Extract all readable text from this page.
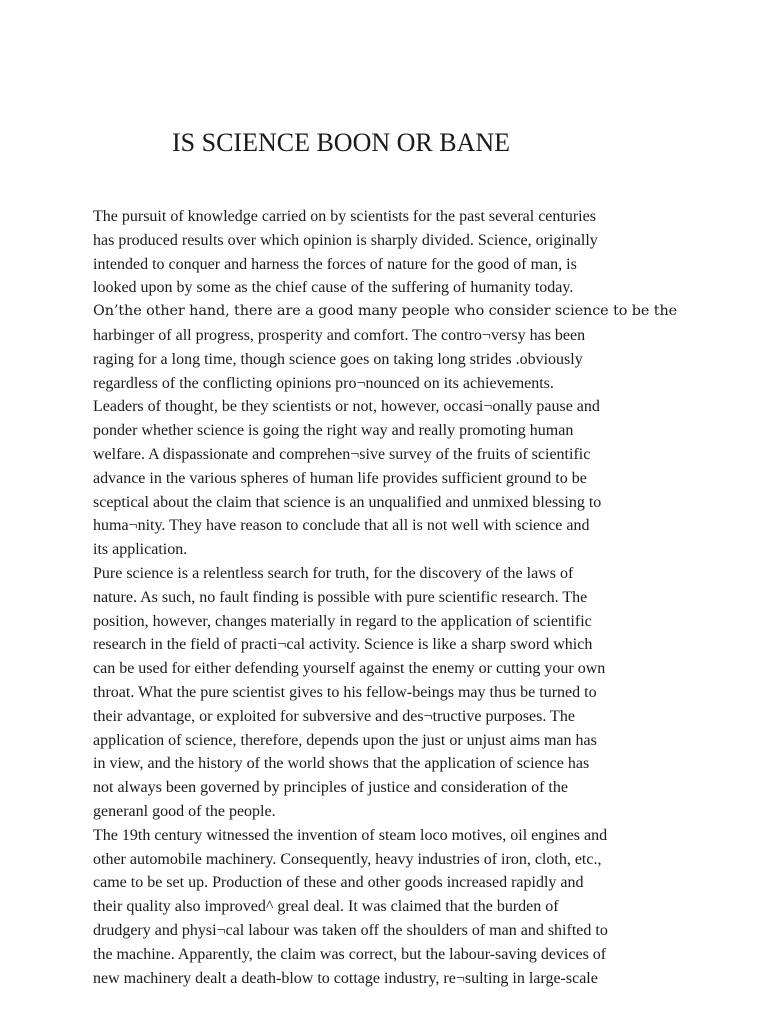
IS SCIENCE BOON OR BANE
The pursuit of knowledge carried on by scientists for the past several centuries
has produced results over which opinion is sharply divided. Science, originally
intended to conquer and harness the forces of nature for the good of man, is
looked upon by some as the chief cause of the suffering of humanity today.
On’the other hand, there are a good many people who consider science to be the
harbinger of all progress, prosperity and comfort. The contro¬versy has been
raging for a long time, though science goes on taking long strides .obviously
regardless of the conflicting opinions pro¬nounced on its achievements.
Leaders of thought, be they scientists or not, however, occasi¬onally pause and
ponder whether science is going the right way and really promoting human
welfare. A dispassionate and comprehen¬sive survey of the fruits of scientific
advance in the various spheres of human life provides sufficient ground to be
sceptical about the claim that science is an unqualified and unmixed blessing to
huma¬nity. They have reason to conclude that all is not well with science and
its application.
Pure science is a relentless search for truth, for the discovery of the laws of
nature. As such, no fault finding is possible with pure scientific research. The
position, however, changes materially in regard to the application of scientific
research in the field of practi¬cal activity. Science is like a sharp sword which
can be used for either defending yourself against the enemy or cutting your own
throat. What the pure scientist gives to his fellow-beings may thus be turned to
their advantage, or exploited for subversive and des¬tructive purposes. The
application of science, therefore, depends upon the just or unjust aims man has
in view, and the history of the world shows that the application of science has
not always been governed by principles of justice and consideration of the
generanl good of the people.
The 19th century witnessed the invention of steam loco motives, oil engines and
other automobile machinery. Consequently, heavy industries of iron, cloth, etc.,
came to be set up. Production of these and other goods increased rapidly and
their quality also improved^ greal deal. It was claimed that the burden of
drudgery and physi¬cal labour was taken off the shoulders of man and shifted to
the machine. Apparently, the claim was correct, but the labour-saving devices of
new machinery dealt a death-blow to cottage industry, re¬sulting in large-scale
